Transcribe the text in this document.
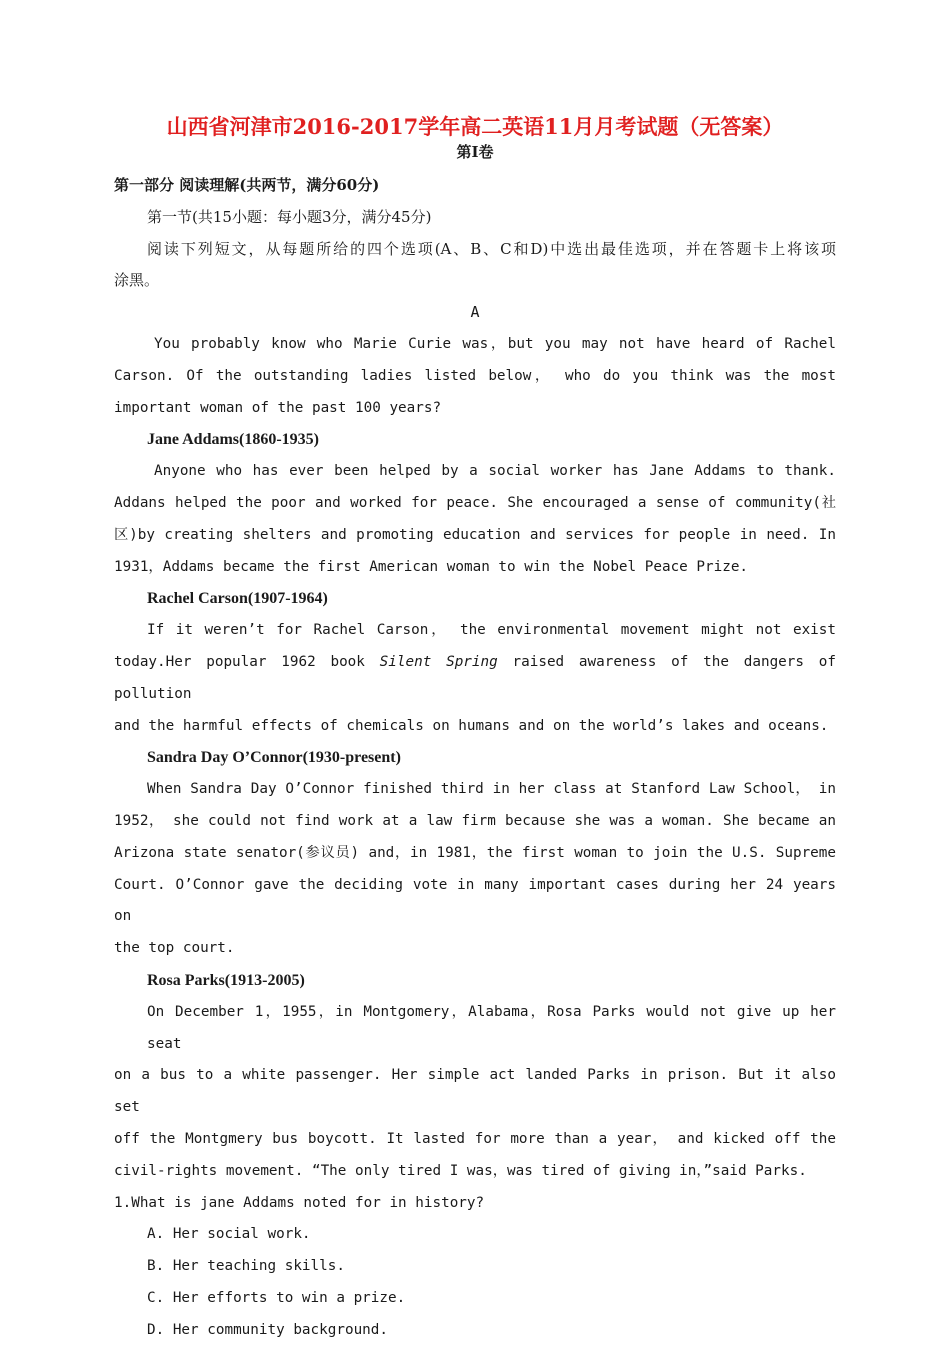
山西省河津市2016-2017学年高二英语11月月考试题（无答案）

第Ⅰ卷

第一部分 阅读理解(共两节，满分60分)

第一节(共15小题：每小题3分，满分45分)

阅读下列短文，从每题所给的四个选项(A、B、C和D)中选出最佳选项，并在答题卡上将该项

涂黑。

A

You probably know who Marie Curie was，but you may not have heard of Rachel

Carson. Of the outstanding ladies listed below， who do you think was the most

important woman of the past 100 years?

Jane Addams(1860-1935)

Anyone who has ever been helped by a social worker has Jane Addams to thank.

Addans helped the poor and worked for peace. She encouraged a sense of community(社

区)by creating shelters and promoting education and services for people in need. In

1931，Addams became the first American woman to win the Nobel Peace Prize.

Rachel Carson(1907-1964)

If it weren’t for Rachel Carson， the environmental movement might not exist

today.Her popular 1962 book Silent Spring raised awareness of the dangers of pollution

and the harmful effects of chemicals on humans and on the world’s lakes and oceans.

Sandra Day O’Connor(1930-present)

When Sandra Day O’Connor finished third in her class at Stanford Law School， in

1952， she could not find work at a law firm because she was a woman. She became an

Arizona state senator(参议员) and，in 1981，the first woman to join the U.S. Supreme

Court. O’Connor gave the deciding vote in many important cases during her 24 years on

the top court.

Rosa Parks(1913-2005)

On December 1，1955，in Montgomery，Alabama，Rosa Parks would not give up her seat

on a bus to a white passenger. Her simple act landed Parks in prison. But it also set

off the Montgmery bus boycott. It lasted for more than a year， and kicked off the

civil-rights movement. “The only tired I was，was tired of giving in，”said Parks.

1.What is jane Addams noted for in history?

A. Her social work.

B. Her teaching skills.

C. Her efforts to win a prize.

D. Her community background.
